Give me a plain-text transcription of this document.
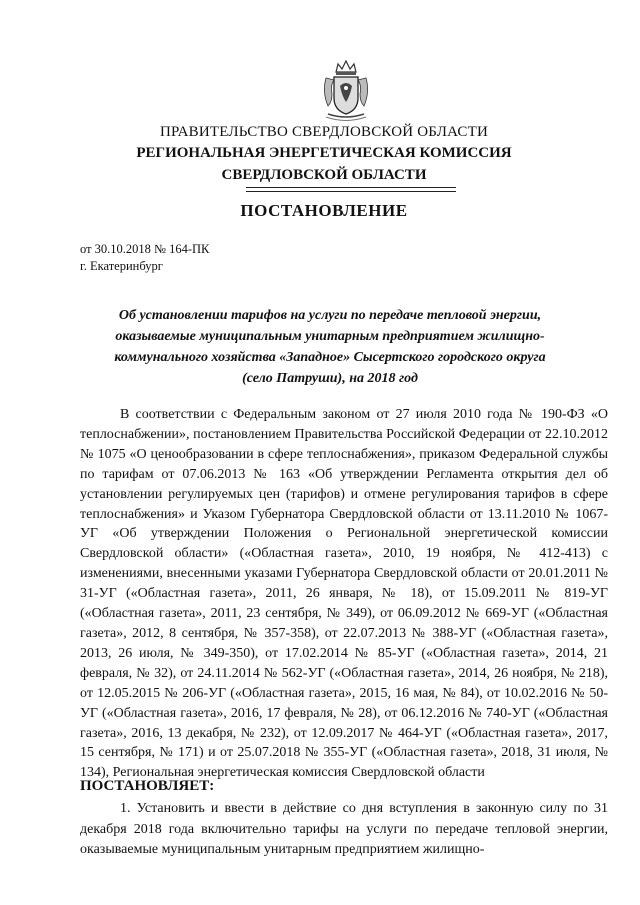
ПРАВИТЕЛЬСТВО СВЕРДЛОВСКОЙ ОБЛАСТИ
РЕГИОНАЛЬНАЯ ЭНЕРГЕТИЧЕСКАЯ КОМИССИЯ
СВЕРДЛОВСКОЙ ОБЛАСТИ
ПОСТАНОВЛЕНИЕ
от 30.10.2018 № 164-ПК
г. Екатеринбург
Об установлении тарифов на услуги по передаче тепловой энергии, оказываемые муниципальным унитарным предприятием жилищно-коммунального хозяйства «Западное» Сысертского городского округа (село Патруши), на 2018 год

В соответствии с Федеральным законом от 27 июля 2010 года № 190-ФЗ «О теплоснабжении», постановлением Правительства Российской Федерации от 22.10.2012 № 1075 «О ценообразовании в сфере теплоснабжения», приказом Федеральной службы по тарифам от 07.06.2013 № 163 «Об утверждении Регламента открытия дел об установлении регулируемых цен (тарифов) и отмене регулирования тарифов в сфере теплоснабжения» и Указом Губернатора Свердловской области от 13.11.2010 № 1067-УГ «Об утверждении Положения о Региональной энергетической комиссии Свердловской области» («Областная газета», 2010, 19 ноября, № 412-413) с изменениями, внесенными указами Губернатора Свердловской области от 20.01.2011 № 31-УГ («Областная газета», 2011, 26 января, № 18), от 15.09.2011 № 819-УГ («Областная газета», 2011, 23 сентября, № 349), от 06.09.2012 № 669-УГ («Областная газета», 2012, 8 сентября, № 357-358), от 22.07.2013 № 388-УГ («Областная газета», 2013, 26 июля, № 349-350), от 17.02.2014 № 85-УГ («Областная газета», 2014, 21 февраля, № 32), от 24.11.2014 № 562-УГ («Областная газета», 2014, 26 ноября, № 218), от 12.05.2015 № 206-УГ («Областная газета», 2015, 16 мая, № 84), от 10.02.2016 № 50-УГ («Областная газета», 2016, 17 февраля, № 28), от 06.12.2016 № 740-УГ («Областная газета», 2016, 13 декабря, № 232), от 12.09.2017 № 464-УГ («Областная газета», 2017, 15 сентября, № 171) и от 25.07.2018 № 355-УГ («Областная газета», 2018, 31 июля, № 134), Региональная энергетическая комиссия Свердловской области

ПОСТАНОВЛЯЕТ:

1. Установить и ввести в действие со дня вступления в законную силу по 31 декабря 2018 года включительно тарифы на услуги по передаче тепловой энергии, оказываемые муниципальным унитарным предприятием жилищно-
